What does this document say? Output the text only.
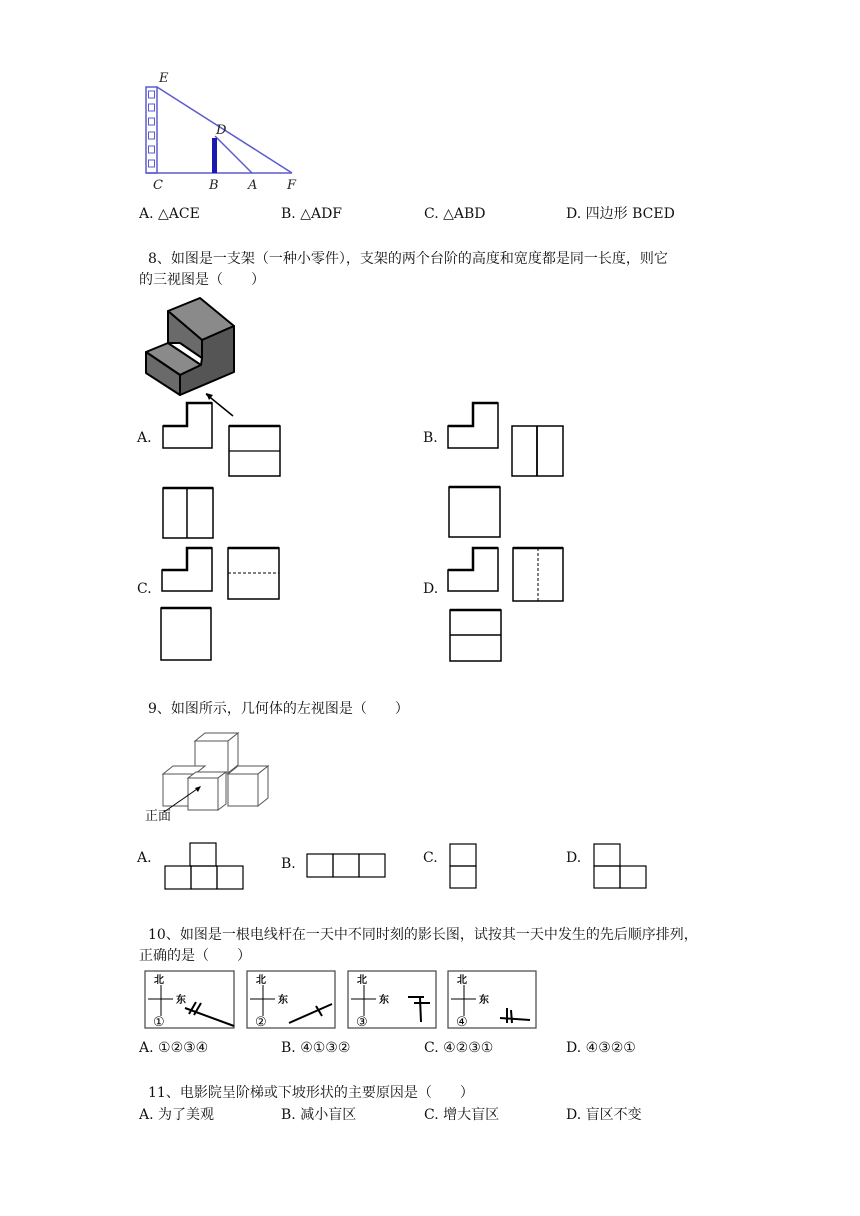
E
D
C	B A F
A. △ACE	B. △ADF	C. △ABD	D. 四边形 BCED
8、如图是一支架（一种小零件），支架的两个台阶的高度和宽度都是同一长度，则它
的三视图是（　　）
A.	B.
C.	D.
9、如图所示，几何体的左视图是（　　）
正面
A.	B.	C.	D.
10、如图是一根电线杆在一天中不同时刻的影长图，试按其一天中发生的先后顺序排列，
正确的是（　　）
北	北	北	北
东	东	东	东
①	②	③	④
A. ①②③④	B. ④①③②	C. ④②③①	D. ④③②①
11、电影院呈阶梯或下坡形状的主要原因是（　　）
A. 为了美观	B. 减小盲区	C. 增大盲区	D. 盲区不变
